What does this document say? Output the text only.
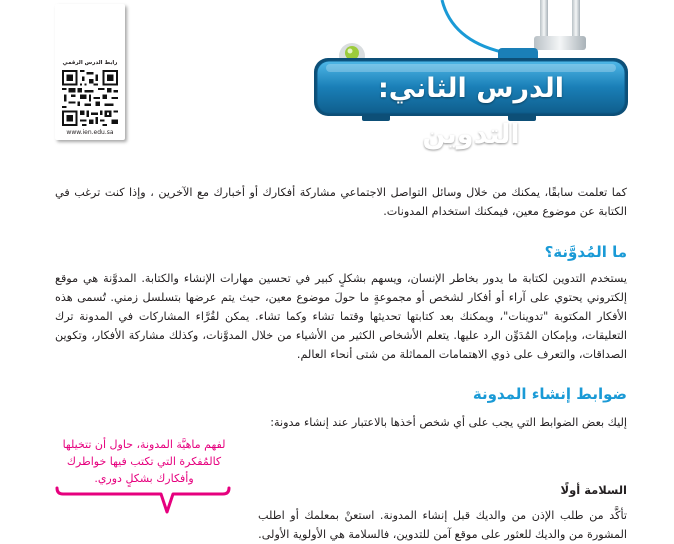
رابط الدرس الرقمي
www.ien.edu.sa
الدرس الثاني: التدوين

كما تعلمت سابقًا، يمكنك من خلال وسائل التواصل الاجتماعي مشاركة أفكارك أو أخبارك مع الآخرين ، وإذا كنت ترغب في الكتابة عن موضوع معين، فيمكنك استخدام المدونات.

ما المُدوَّنة؟

يستخدم التدوين لكتابة ما يدور بخاطر الإنسان، ويسهم بشكلٍ كبير في تحسين مهارات الإنشاء والكتابة. المدوَّنة هي موقع إلكتروني يحتوي على آراء أو أفكار لشخص أو مجموعةٍ ما حولَ موضوع معين، حيث يتم عرضها بتسلسل زمني. تُسمى هذه الأفكار المكتوبة "تدوينات"، ويمكنك بعد كتابتها تحديثها وقتما تشاء وكما تشاء. يمكن لقُرَّاء المشاركات في المدونة ترك التعليقات، وبإمكان المُدَوِّن الرد عليها. يتعلم الأشخاص الكثير من الأشياء من خلال المدوَّنات، وكذلك مشاركة الأفكار، وتكوين الصداقات، والتعرف على ذوي الاهتمامات المماثلة من شتى أنحاء العالم.

ضوابط إنشاء المدونة

إليك بعض الضوابط التي يجب على أي شخص أخذها بالاعتبار عند إنشاء مدونة:

السلامة أولًا

تأكَّد من طلب الإذن من والديك قبل إنشاء المدونة. استعنْ بمعلمك أو اطلب المشورة من والديك للعثور على موقع آمن للتدوين، فالسلامة هي الأولوية الأولى.

لفهم ماهيَّة المدونة، حاول أن تتخيلها كالمُفكرة التي تكتب فيها خواطرك وأفكارك بشكلٍ دوري.
